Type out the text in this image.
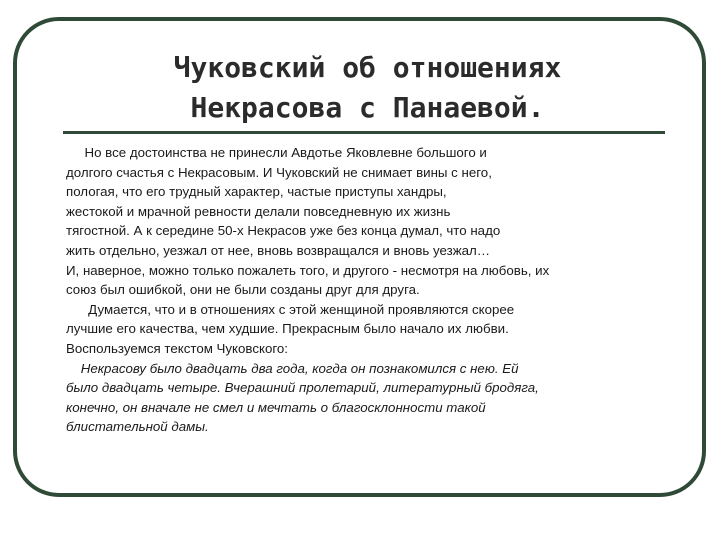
Чуковский об отношениях
Некрасова с Панаевой.
Но все достоинства не принесли Авдотье Яковлевне большого и
долгого счастья с Некрасовым. И Чуковский не снимает вины с него,
пологая, что его трудный характер, частые приступы хандры,
жестокой и мрачной ревности делали повседневную их жизнь
тягостной. А к середине 50-х Некрасов уже без конца думал, что надо
жить отдельно, уезжал от нее, вновь возвращался и вновь уезжал…
И, наверное, можно только пожалеть того, и другого - несмотря на любовь, их
союз был ошибкой, они не были созданы друг для друга.
Думается, что и в отношениях с этой женщиной проявляются скорее
лучшие его качества, чем худшие. Прекрасным было начало их любви.
Воспользуемся текстом Чуковского:
Некрасову было двадцать два года, когда он познакомился с нею. Ей
было двадцать четыре. Вчерашний пролетарий, литературный бродяга,
конечно, он вначале не смел и мечтать о благосклонности такой
блистательной дамы.
